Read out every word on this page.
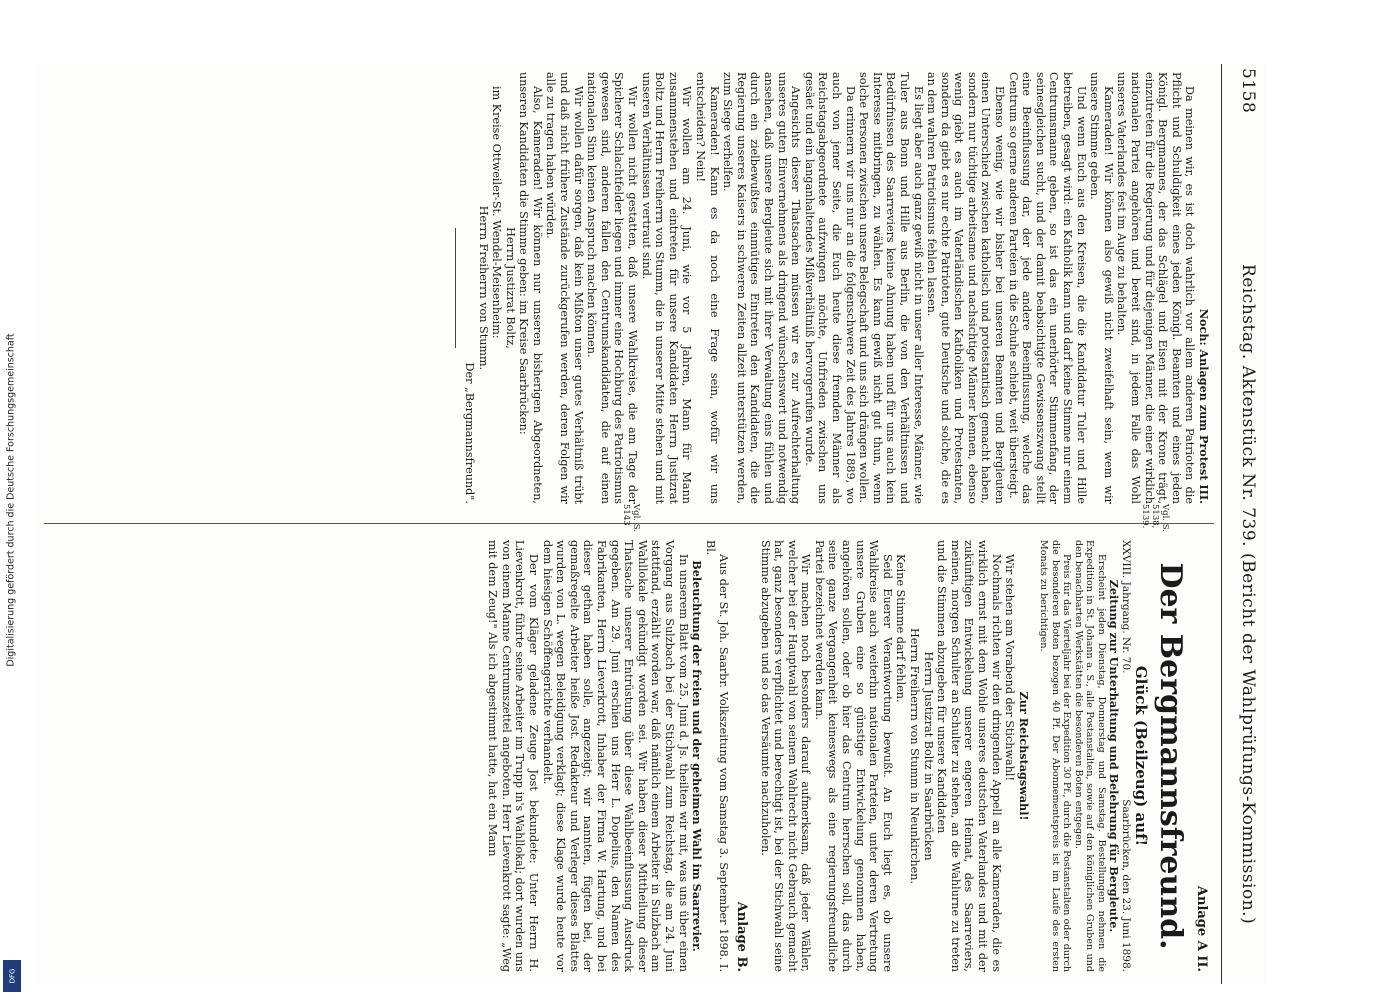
Digitalisierung gefördert durch die Deutsche Forschungsgemeinschaft
DFG
5158
Reichstag. Aktenstück Nr. 739. (Bericht der Wahlprüfungs-Kommission.)

Noch: Anlagen zum Protest III.

Da meinen wir, es ist doch wahrlich vor allem anderen Patrioten die Pflicht und Schuldigkeit eines jeden Königl. Beamten und eines jeden Königl. Bergmannes, der das Schlägel und Eisen mit der Krone trägt, einzutreten für die Regierung und für diejenigen Männer, die einer wirklich nationalen Partei angehören und bereit sind, in jedem Falle das Wohl unseres Vaterlandes fest im Auge zu behalten.

Kameraden! Wir können also gewiß nicht zweifelhaft sein, wem wir unsere Stimme geben.

Und wenn Euch aus den Kreisen, die die Kandidatur Tuler und Hille betreiben, gesagt wird: ein Katholik kann und darf keine Stimme nur einem Centrumsmanne geben, so ist das ein unerhörter Stimmenfang, der seinesgleichen sucht, und der damit beabsichtigte Gewissenszwang stellt eine Beeinflussung dar, der jede andere Beeinflussung, welche das Centrum so gerne anderen Parteien in die Schuhe schiebt, weit übersteigt.

Ebenso wenig, wie wir bisher bei unseren Beamten und Bergleuten einen Unterschied zwischen katholisch und protestantisch gemacht haben, sondern nur tüchtige arbeitsame und nachsichtige Männer kennen, ebenso wenig giebt es auch im Vaterländischen Katholiken und Protestanten, sondern da giebt es nur echte Patrioten, gute Deutsche und solche, die es an dem wahren Patriotismus fehlen lassen.

Es liegt aber auch ganz gewiß nicht in unser aller Interesse, Männer, wie Tuler aus Bonn und Hille aus Berlin, die von den Verhältnissen und Bedürfnissen des Saarreviers keine Ahnung haben und für uns auch kein Interesse mitbringen, zu wählen. Es kann gewiß nicht gut thun, wenn solche Personen zwischen unsere Belegschaft und uns sich drängen wollen.

Da erinnern wir uns nur an die folgenschwere Zeit des Jahres 1889, wo auch von jener Seite, die Euch heute diese fremden Männer als Reichstagsabgeordnete aufzwingen möchte, Unfrieden zwischen uns gesäet und ein langanhaltendes Mißverhältniß hervorgerufen wurde.

Angesichts dieser Thatsachen müssen wir es zur Aufrechterhaltung unseres guten Einvernehmens als dringend wünschenswert und notwendig ansehen, daß unsere Bergleute sich mit ihrer Verwaltung eins fühlen und durch ein zielbewußtes einmütiges Eintreten den Kandidaten, die die Regierung unseres Kaisers in schweren Zeiten allzeit unterstützen werden, zum Siege verhelfen.

Kameraden! Kann es da noch eine Frage sein, wofür wir uns entscheiden? Nein!

Wir wollen am 24. Juni, wie vor 5 Jahren, Mann für Mann zusammenstehen und eintreten für unsere Kandidaten Herrn Justizrat Boltz und Herrn Freiherrn von Stumm, die in unserer Mitte stehen und mit unseren Verhältnissen vertraut sind.

Wir wollen nicht gestatten, daß unsere Wahlkreise, die am Tage der Spicherer Schlachtfelder liegen und immer eine Hochburg des Patriotismus gewesen sind, anderen fallen den Centrumskandidaten, die auf einen nationalen Sinn keinen Anspruch machen können.

Wir wollen dafür sorgen, daß kein Mißton unser gutes Verhältniß trübt und daß nicht frühere Zustände zurückgerufen werden, deren Folgen wir alle zu tragen haben würden.

Also, Kameraden! Wir können nur unseren bisherigen Abgeordneten, unseren Kandidaten die Stimme geben: im Kreise Saarbrücken:

Herrn Justizrat Boltz,

im Kreise Ottweiler-St. Wendel-Meisenheim:

Herrn Freiherrn von Stumm.

Der „Bergmannsfreund".

Anlage A II.
Der Bergmannsfreund.
Glück (Beilzeug) auf!
XXVIII. Jahrgang. Nr. 70.
Saarbrücken, den 23. Juni 1898.

Zeitung zur Unterhaltung und Belehrung für Bergleute.

Erscheint jeden Dienstag, Donnerstag und Samstag. Bestellungen nehmen die Expedition in St. Johann a. S., alle Postanstalten, sowie auf den königlichen Gruben und den benachbarten Werkstätten die besonderen Boten entgegen.

Preis für das Vierteljahr bei der Expedition 30 Pf., durch die Postanstalten oder durch die besonderen Boten bezogen 40 Pf. Der Abonnementspreis ist im Laufe des ersten Monats zu berichtigen.

Zur Reichstagswahl!

Wir stehen am Vorabend der Stichwahl!

Nochmals richten wir den dringenden Appell an alle Kameraden, die es wirklich ernst mit dem Wohle unseres deutschen Vaterlandes und mit der zukünftigen Entwickelung unserer engeren Heimat, des Saarreviers, meinen, morgen Schulter an Schulter zu stehen, an die Wahlurne zu treten und die Stimmen abzugeben für unsere Kandidaten

Herrn Justizrat Boltz in Saarbrücken

Herrn Freiherrn von Stumm in Neunkirchen.

Keine Stimme darf fehlen.

Seid Euerer Verantwortung bewußt. An Euch liegt es, ob unsere Wahlkreise auch weiterhin nationalen Parteien, unter deren Vertretung unsere Gruben eine so günstige Entwickelung genommen haben, angehören sollen, oder ob hier das Centrum herrschen soll, das durch seine ganze Vergangenheit keineswegs als eine regierungsfreundliche Partei bezeichnet werden kann.

Wir machen noch besonders darauf aufmerksam, daß jeder Wähler, welcher bei der Hauptwahl von seinem Wahlrecht nicht Gebrauch gemacht hat, ganz besonders verpflichtet und berechtigt ist, bei der Stichwahl seine Stimme abzugeben und so das Versäumte nachzuholen.

Anlage B.

Aus der St. Joh. Saarbr. Volkszeitung vom Samstag 3. September 1898. I. Bl.

Beleuchtung der freien und der geheimen Wahl im Saarrevier.

In unserem Blatt vom 25. Juni d. Js. theilten wir mit, was uns über einen Vorgang aus Sulzbach bei der Stichwahl zum Reichstag, die am 24. Juni stattfand, erzählt worden war, daß nämlich einem Arbeiter in Sulzbach am Wahllokale gekündigt worden sei. Wir haben dieser Mittheilung dieser Thatsache unserer Entrüstung über diese Wahlbeeinflussung Ausdruck gegeben. Am 29. Juni erschien uns Herr L. Dopelius, den Namen des Fabrikanten, Herrn Lieverkrott, Inhaber der Firma W. Hartung, und bei dieser gethan haben solle, angezeigt; wir nannten, fügten bei, der gemaßregelte Arbeiter heiße Jost. Redakteur und Verleger dieses Blattes wurden von L. wegen Beleidigung verklagt; diese Klage wurde heute vor dem hiesigen Schöffengerichte verhandelt.

Der vom Kläger geladene Zeuge Jost bekundete: Unter Herrn H. Lievenkrott, führte seine Arbeiter im Trupp in's Wahllokal; dort wurden uns von einem Manne Centrumszettel angeboten. Herr Lievenkrott sagte: „Weg mit dem Zeug!" Als ich abgestimmt hatte, hat ein Mann

Vgl. S. 5138, 5139.
Vgl. S. 5143
